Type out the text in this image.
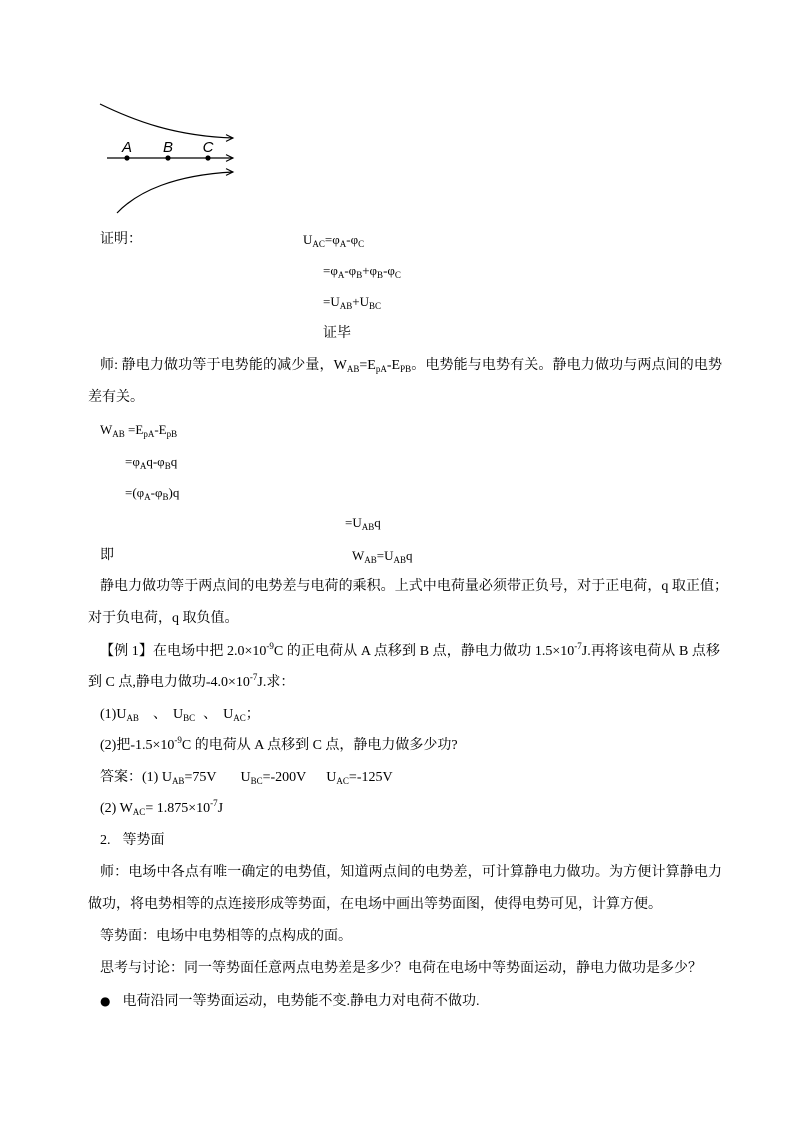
A B C
证明：	$U_{AC}=\varphi_A-\varphi_C$
$=\varphi_A-\varphi_B+\varphi_B-\varphi_C$
$=U_{AB}+U_{BC}$
证毕
师: 静电力做功等于电势能的减少量，$W_{AB}=E_{pA}-E_{PB}$。电势能与电势有关。静电力做功与两点间的电势
差有关。
$W_{AB} =E_{pA}-E_{pB}$
$=\varphi_Aq-\varphi_Bq$
$=(\varphi_A-\varphi_B)q$
$=U_{AB}q$
即	$W_{AB}=U_{AB}q$
静电力做功等于两点间的电势差与电荷的乘积。上式中电荷量必须带正负号，对于正电荷，q 取正值；
对于负电荷，q 取负值。
【例 1】在电场中把 $2.0\times 10^{-9}C$ 的正电荷从 A 点移到 B 点，静电力做功 $1.5\times 10^{-7}J$.再将该电荷从 B 点移
到 C 点,静电力做功$-4.0\times 10^{-7}J$.求：
$(1)U_{AB}$ 、 $U_{BC}$ 、 $U_{AC}$；
(2)把$-1.5\times 10^{-9}C$ 的电荷从 A 点移到 C 点，静电力做多少功?
答案：(1) $U_{AB}=75V$ $U_{BC}=-200V$ $U_{AC}=-125V$
(2) $W_{AC}= 1.875\times 10^{-7}J$
2. 等势面
师：电场中各点有唯一确定的电势值，知道两点间的电势差，可计算静电力做功。为方便计算静电力
做功，将电势相等的点连接形成等势面，在电场中画出等势面图，使得电势可见，计算方便。
等势面：电场中电势相等的点构成的面。
思考与讨论：同一等势面任意两点电势差是多少？电荷在电场中等势面运动，静电力做功是多少？
● 电荷沿同一等势面运动，电势能不变.静电力对电荷不做功.
